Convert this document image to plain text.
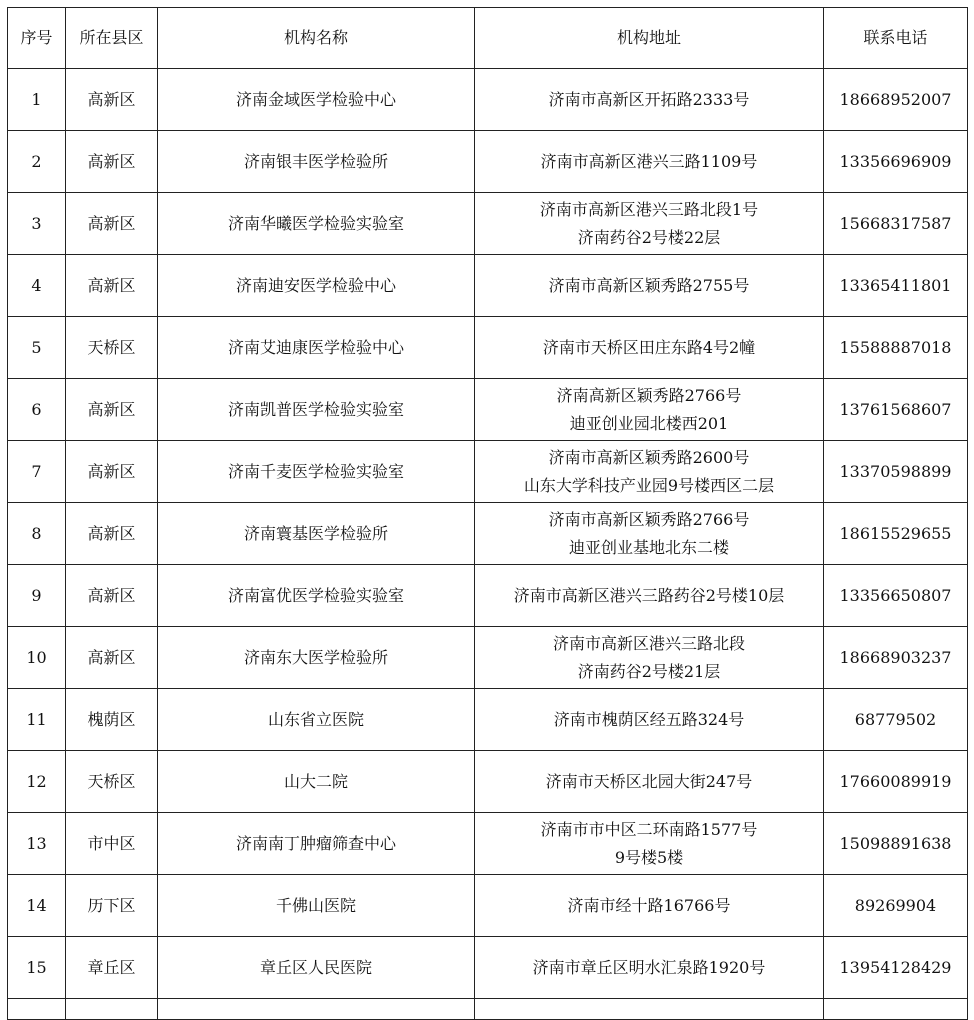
序号	所在县区	机构名称	机构地址	联系电话
1	高新区	济南金域医学检验中心	济南市高新区开拓路2333号	18668952007
2	高新区	济南银丰医学检验所	济南市高新区港兴三路1109号	13356696909
3	高新区	济南华曦医学检验实验室	济南市高新区港兴三路北段1号
济南药谷2号楼22层	15668317587
4	高新区	济南迪安医学检验中心	济南市高新区颖秀路2755号	13365411801
5	天桥区	济南艾迪康医学检验中心	济南市天桥区田庄东路4号2幢	15588887018
6	高新区	济南凯普医学检验实验室	济南高新区颖秀路2766号
迪亚创业园北楼西201	13761568607
7	高新区	济南千麦医学检验实验室	济南市高新区颖秀路2600号
山东大学科技产业园9号楼西区二层	13370598899
8	高新区	济南寰基医学检验所	济南市高新区颖秀路2766号
迪亚创业基地北东二楼	18615529655
9	高新区	济南富优医学检验实验室	济南市高新区港兴三路药谷2号楼10层	13356650807
10	高新区	济南东大医学检验所	济南市高新区港兴三路北段
济南药谷2号楼21层	18668903237
11	槐荫区	山东省立医院	济南市槐荫区经五路324号	68779502
12	天桥区	山大二院	济南市天桥区北园大街247号	17660089919
13	市中区	济南南丁肿瘤筛查中心	济南市市中区二环南路1577号
9号楼5楼	15098891638
14	历下区	千佛山医院	济南市经十路16766号	89269904
15	章丘区	章丘区人民医院	济南市章丘区明水汇泉路1920号	13954128429
